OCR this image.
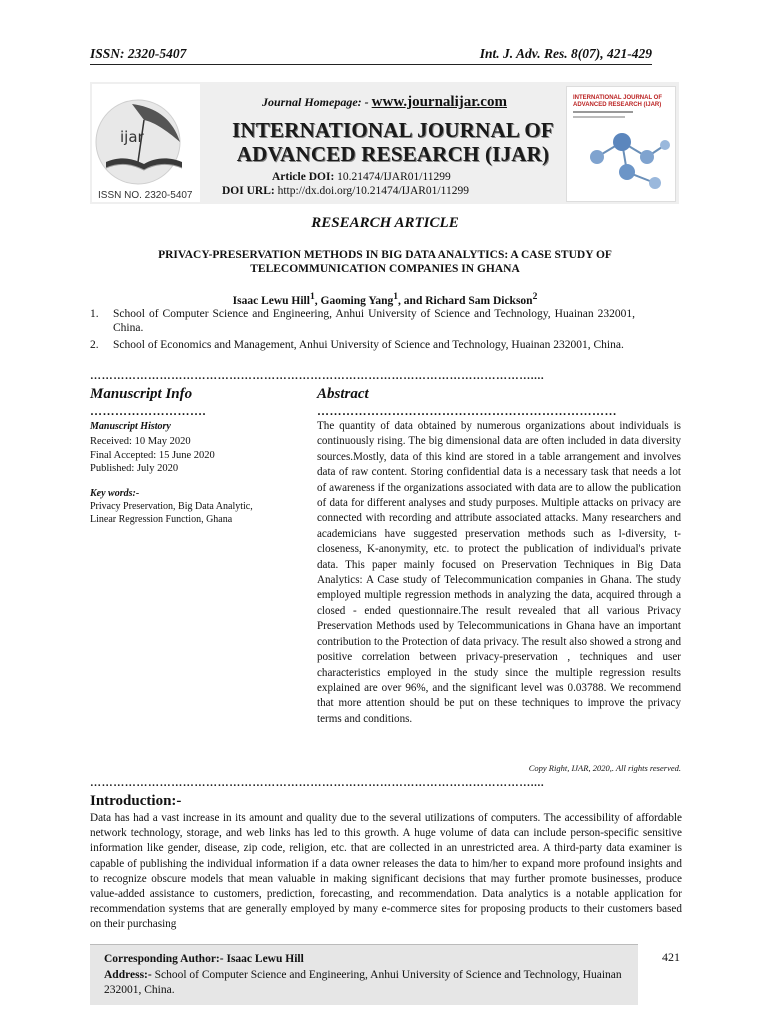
ISSN: 2320-5407	Int. J. Adv. Res. 8(07), 421-429
ijar
ISSN NO. 2320-5407
Journal Homepage: - www.journalijar.com
INTERNATIONAL JOURNAL OF
ADVANCED RESEARCH (IJAR)
Article DOI: 10.21474/IJAR01/11299
DOI URL: http://dx.doi.org/10.21474/IJAR01/11299
INTERNATIONAL JOURNAL OF ADVANCED RESEARCH (IJAR)
RESEARCH ARTICLE
PRIVACY-PRESERVATION METHODS IN BIG DATA ANALYTICS: A CASE STUDY OF
TELECOMMUNICATION COMPANIES IN GHANA
Isaac Lewu Hill$^1$, Gaoming Yang$^1$, and Richard Sam Dickson$^2$
1. School of Computer Science and Engineering, Anhui University of Science and Technology, Huainan 232001, China.
2. School of Economics and Management, Anhui University of Science and Technology, Huainan 232001, China.
……………………………………………………………………………………………………....
Manuscript Info
……………………….
Manuscript History
Received: 10 May 2020
Final Accepted: 15 June 2020
Published: July 2020
Key words:-
Privacy Preservation, Big Data Analytic, Linear Regression Function, Ghana
Abstract
………………………………………………………………
The quantity of data obtained by numerous organizations about individuals is continuously rising. The big dimensional data are often included in data diversity sources.Mostly, data of this kind are stored in a table arrangement and involves data of raw content. Storing confidential data is a necessary task that needs a lot of awareness if the organizations associated with data are to allow the publication of data for different analyses and study purposes. Multiple attacks on privacy are connected with recording and attribute associated attacks. Many researchers and academicians have suggested preservation methods such as l-diversity, t-closeness, K-anonymity, etc. to protect the publication of individual's private data. This paper mainly focused on Preservation Techniques in Big Data Analytics: A Case study of Telecommunication companies in Ghana. The study employed multiple regression methods in analyzing the data, acquired through a closed - ended questionnaire.The result revealed that all various Privacy Preservation Methods used by Telecommunications in Ghana have an important contribution to the Protection of data privacy. The result also showed a strong and positive correlation between privacy-preservation , techniques and user characteristics employed in the study since the multiple regression results explained are over 96%, and the significant level was 0.03788. We recommend that more attention should be put on these techniques to improve the privacy terms and conditions.
Copy Right, IJAR, 2020,. All rights reserved.
……………………………………………………………………………………………………....
Introduction:-
Data has had a vast increase in its amount and quality due to the several utilizations of computers. The accessibility of affordable network technology, storage, and web links has led to this growth. A huge volume of data can include person-specific sensitive information like gender, disease, zip code, religion, etc. that are collected in an unrestricted area. A third-party data examiner is capable of publishing the individual information if a data owner releases the data to him/her to expand more profound insights and to recognize obscure models that mean valuable in making significant decisions that may further promote businesses, produce value-added assistance to customers, prediction, forecasting, and recommendation. Data analytics is a notable application for recommendation systems that are generally employed by many e-commerce sites for proposing products to their customers based on their purchasing
Corresponding Author:- Isaac Lewu Hill
Address:- School of Computer Science and Engineering, Anhui University of Science and Technology, Huainan 232001, China.
421
